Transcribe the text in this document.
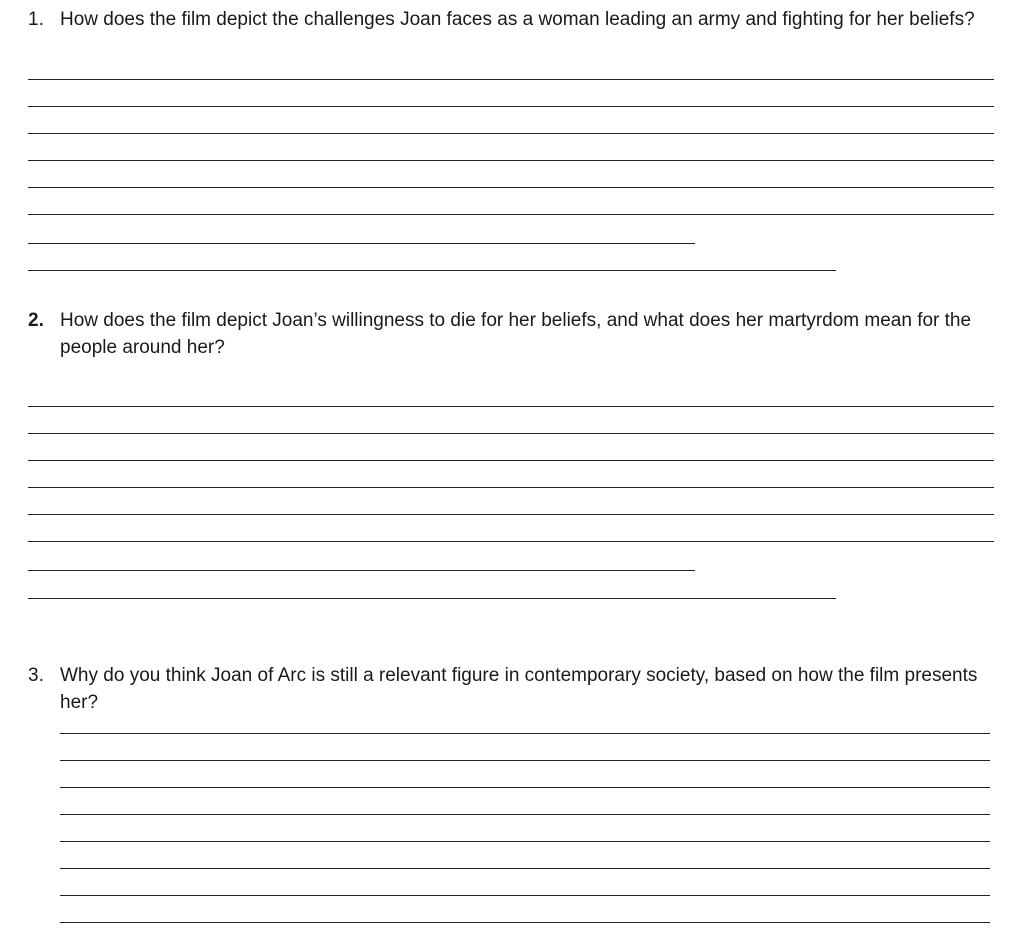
1. How does the film depict the challenges Joan faces as a woman leading an army and fighting for her beliefs?
2. How does the film depict Joan’s willingness to die for her beliefs, and what does her martyrdom mean for the people around her?
3. Why do you think Joan of Arc is still a relevant figure in contemporary society, based on how the film presents her?
